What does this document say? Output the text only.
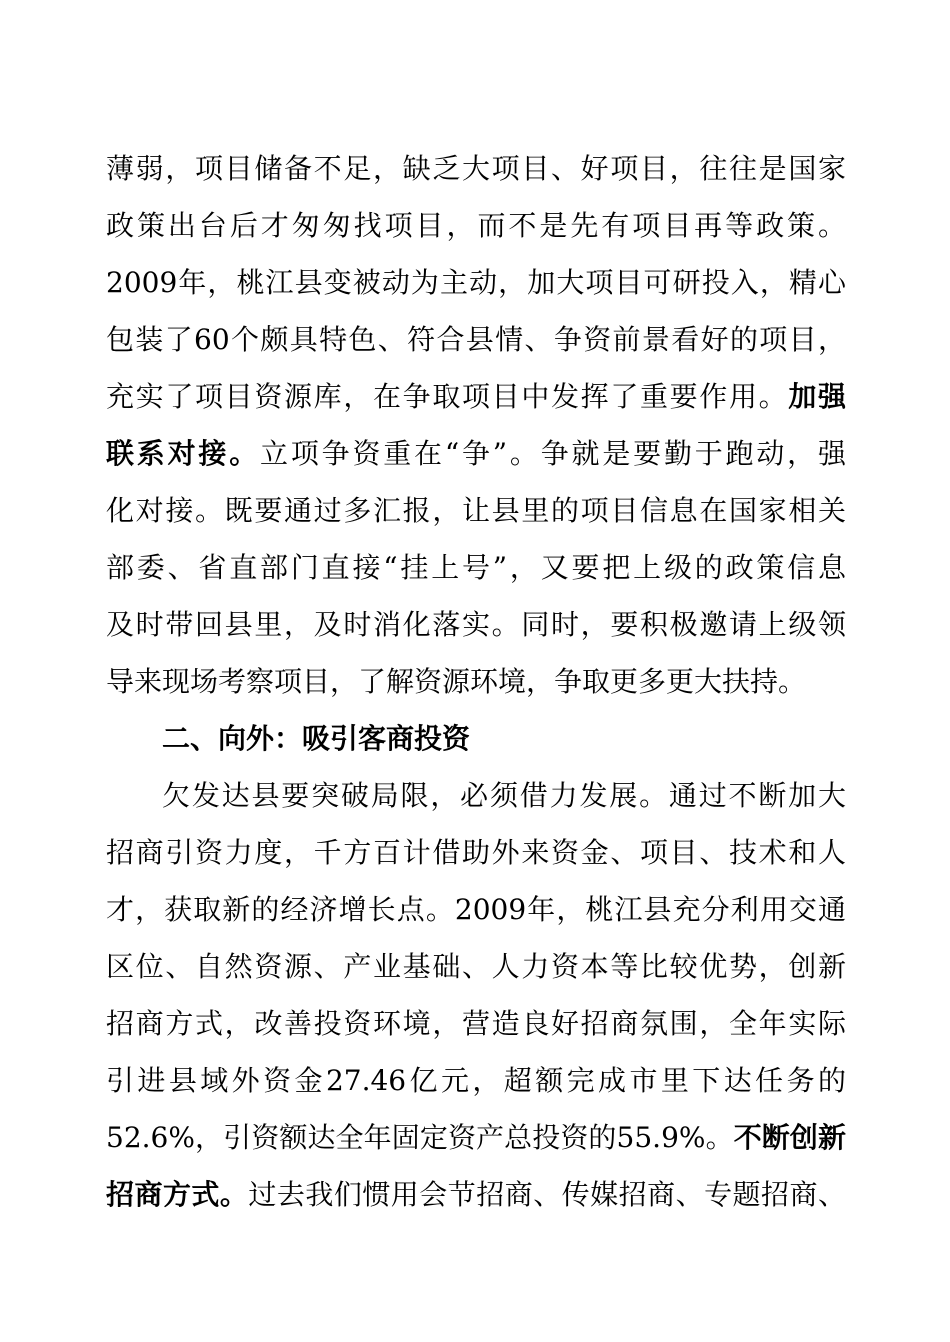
薄弱，项目储备不足，缺乏大项目、好项目，往往是国家
政策出台后才匆匆找项目，而不是先有项目再等政策。
2009年，桃江县变被动为主动，加大项目可研投入，精心
包装了60个颇具特色、符合县情、争资前景看好的项目，
充实了项目资源库，在争取项目中发挥了重要作用。加强
联系对接。立项争资重在“争”。争就是要勤于跑动，强
化对接。既要通过多汇报，让县里的项目信息在国家相关
部委、省直部门直接“挂上号”，又要把上级的政策信息
及时带回县里，及时消化落实。同时，要积极邀请上级领
导来现场考察项目，了解资源环境，争取更多更大扶持。

二、向外：吸引客商投资

欠发达县要突破局限，必须借力发展。通过不断加大
招商引资力度，千方百计借助外来资金、项目、技术和人
才，获取新的经济增长点。2009年，桃江县充分利用交通
区位、自然资源、产业基础、人力资本等比较优势，创新
招商方式，改善投资环境，营造良好招商氛围，全年实际
引进县域外资金27.46亿元，超额完成市里下达任务的
52.6%，引资额达全年固定资产总投资的55.9%。不断创新
招商方式。过去我们惯用会节招商、传媒招商、专题招商、
